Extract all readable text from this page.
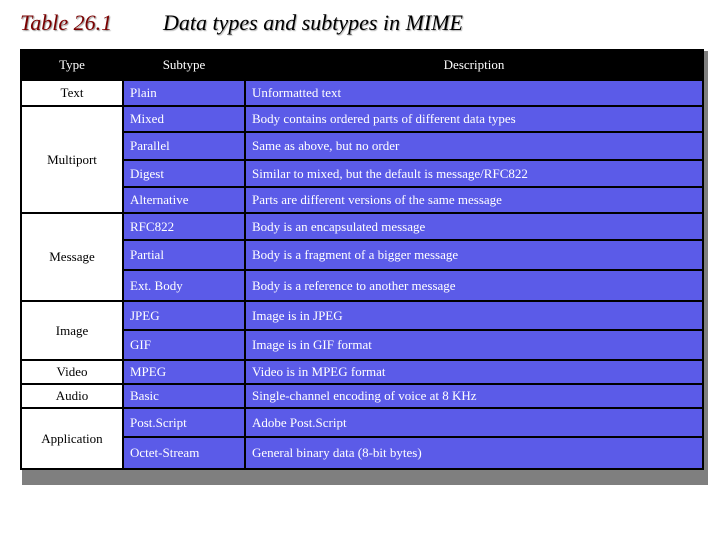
Table 26.1 Data types and subtypes in MIME
Type	Subtype	Description
Text	Plain	Unformatted text
Multiport	Mixed	Body contains ordered parts of different data types
	Parallel	Same as above, but no order
	Digest	Similar to mixed, but the default is message/RFC822
	Alternative	Parts are different versions of the same message
Message	RFC822	Body is an encapsulated message
	Partial	Body is a fragment of a bigger message
	Ext. Body	Body is a reference to another message
Image	JPEG	Image is in JPEG
	GIF	Image is in GIF format
Video	MPEG	Video is in MPEG format
Audio	Basic	Single-channel encoding of voice at 8 KHz
Application	Post.Script	Adobe Post.Script
	Octet-Stream	General binary data (8-bit bytes)
